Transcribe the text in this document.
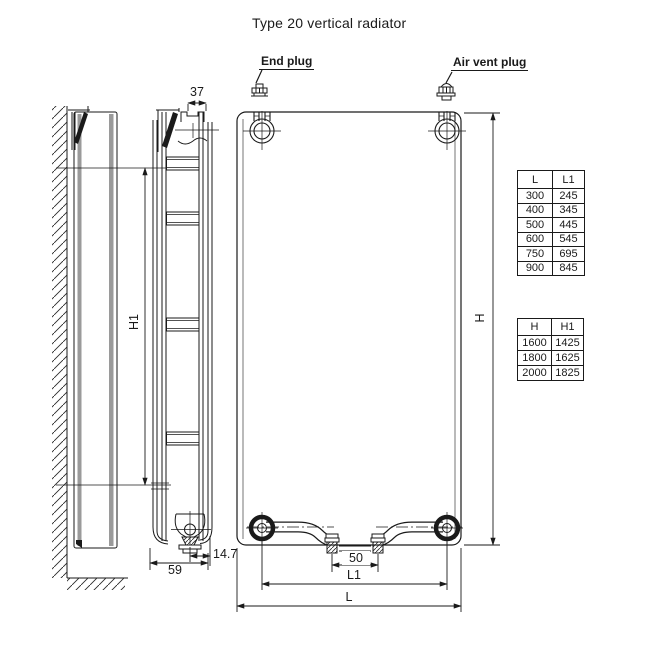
Type 20 vertical radiator
End plug	Air vent plug
37
H1	H
59
14.7	50
L1
L
L	L1
300	245
400	345
500	445
600	545
750	695
900	845
H	H1
1600	1425
1800	1625
2000	1825
